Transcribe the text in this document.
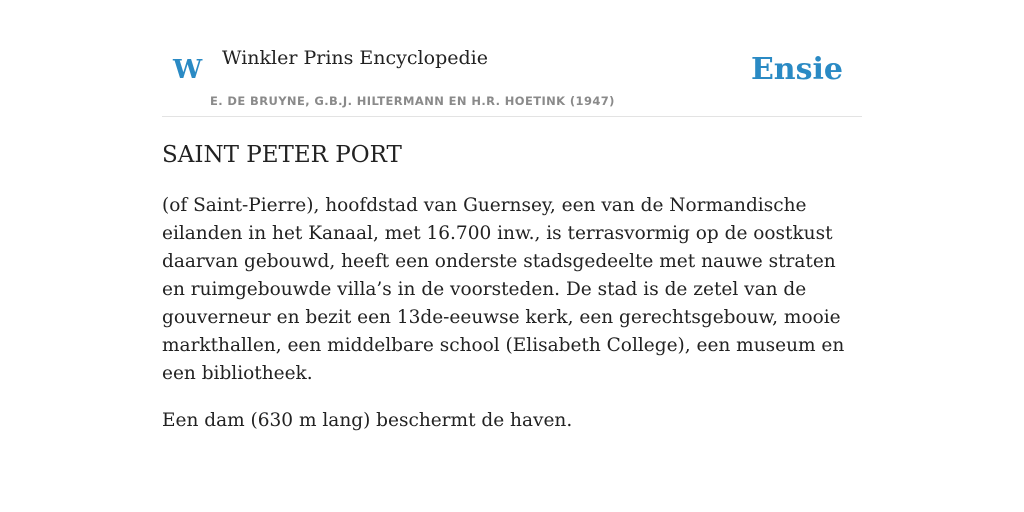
W Winkler Prins Encyclopedie
E. DE BRUYNE, G.B.J. HILTERMANN EN H.R. HOETINK (1947)
Ensie
SAINT PETER PORT

(of Saint-Pierre), hoofdstad van Guernsey, een van de Normandische eilanden in het Kanaal, met 16.700 inw., is terrasvormig op de oostkust daarvan gebouwd, heeft een onderste stadsgedeelte met nauwe straten en ruimgebouwde villa’s in de voorsteden. De stad is de zetel van de gouverneur en bezit een 13de-eeuwse kerk, een gerechtsgebouw, mooie markthallen, een middelbare school (Elisabeth College), een museum en een bibliotheek.

Een dam (630 m lang) beschermt de haven.
